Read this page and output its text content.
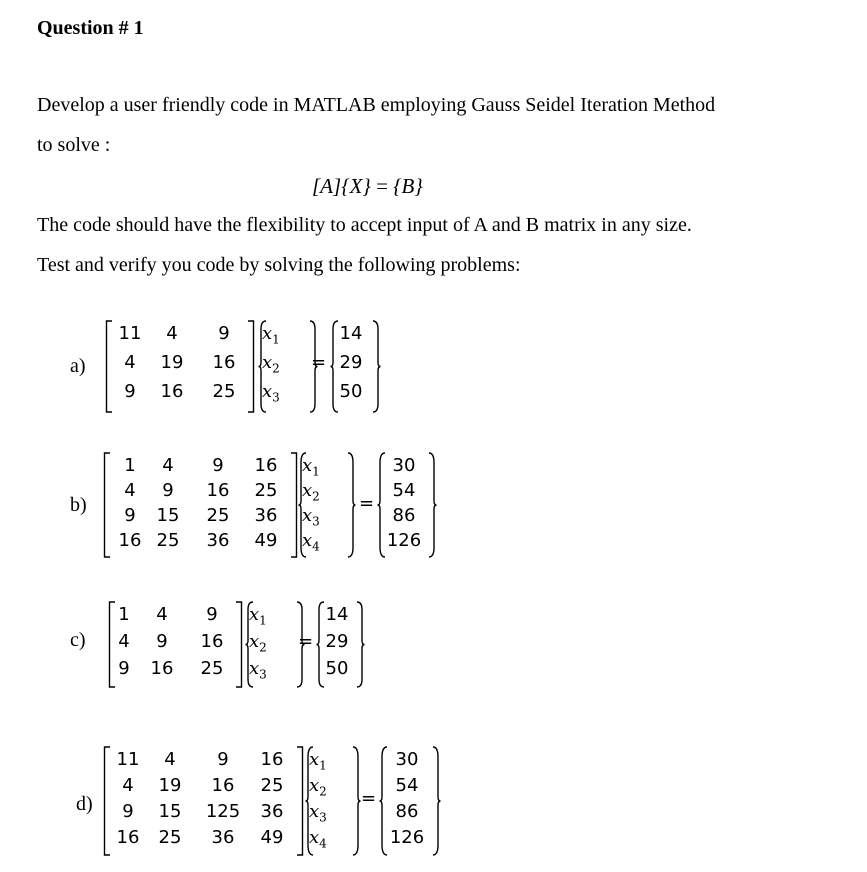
Question # 1
Develop a user friendly code in MATLAB employing Gauss Seidel Iteration Method
to solve :
[A]{X} = {B}
The code should have the flexibility to accept input of A and B matrix in any size.
Test and verify you code by solving the following problems:
a)
11 4 9
4 19 16
9 16 25
$x_1$
$x_2$
$x_3$
=
14
29
50
b)
1 4 9 16
4 9 16 25
9 15 25 36
16 25 36 49
$x_1$
$x_2$
$x_3$
$x_4$
=
30
54
86
126
c)
1 4 9
4 9 16
9 16 25
$x_1$
$x_2$
$x_3$
=
14
29
50
d)
11 4 9 16
4 19 16 25
9 15 125 36
16 25 36 49
$x_1$
$x_2$
$x_3$
$x_4$
=
30
54
86
126
